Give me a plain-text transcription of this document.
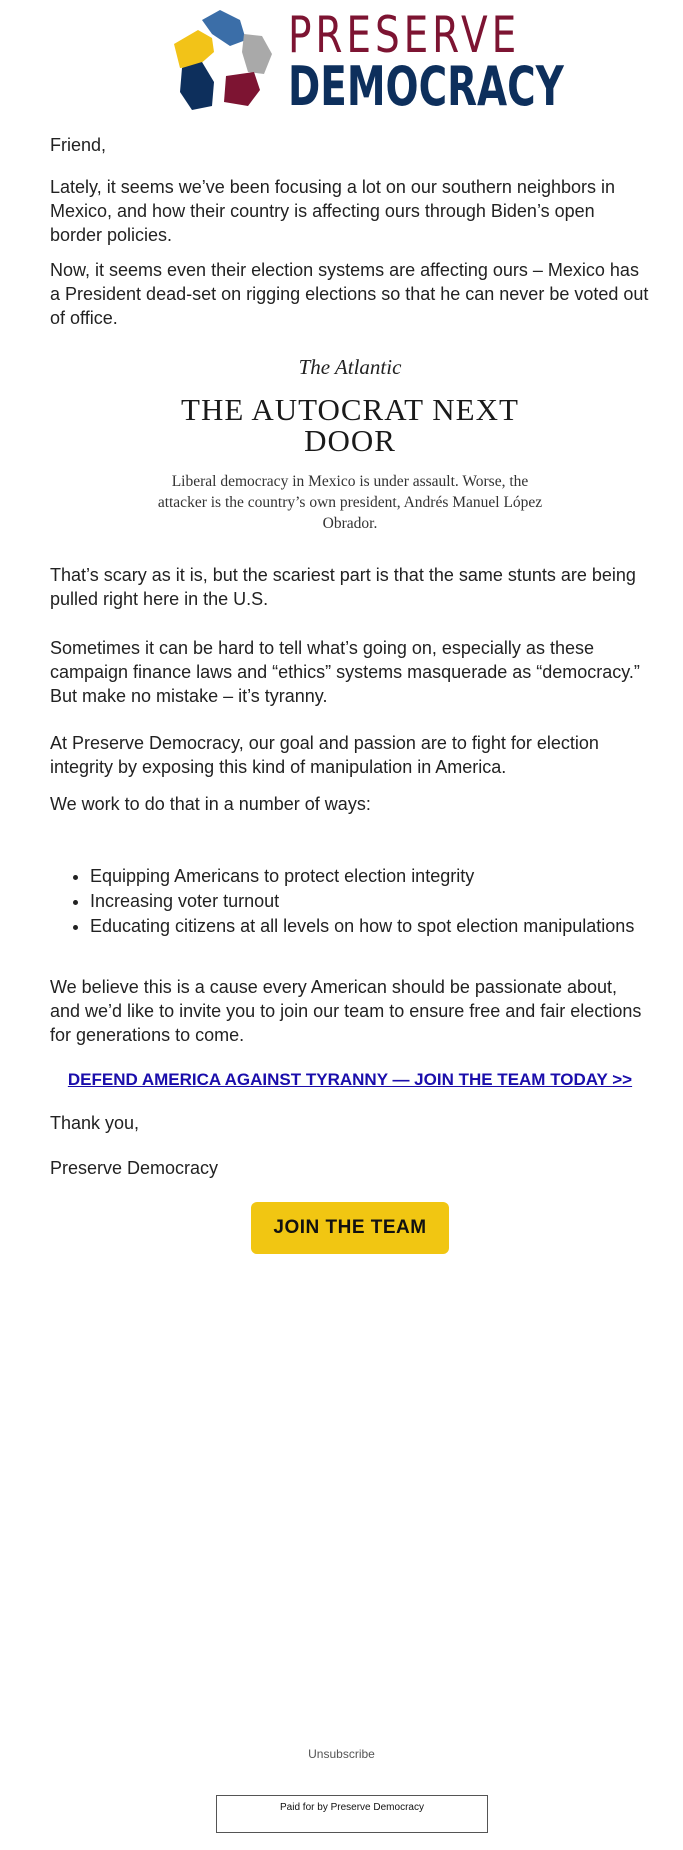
PRESERVE
DEMOCRACY

Friend,

Lately, it seems we’ve been focusing a lot on our southern neighbors in Mexico, and how their country is affecting ours through Biden’s open border policies.

Now, it seems even their election systems are affecting ours – Mexico has a President dead-set on rigging elections so that he can never be voted out of office.

The Atlantic
THE AUTOCRAT NEXT DOOR
Liberal democracy in Mexico is under assault. Worse, the attacker is the country’s own president, Andrés Manuel López Obrador.

That’s scary as it is, but the scariest part is that the same stunts are being pulled right here in the U.S.

Sometimes it can be hard to tell what’s going on, especially as these campaign finance laws and “ethics” systems masquerade as “democracy.” But make no mistake – it’s tyranny.

At Preserve Democracy, our goal and passion are to fight for election integrity by exposing this kind of manipulation in America.

We work to do that in a number of ways:

• Equipping Americans to protect election integrity
• Increasing voter turnout
• Educating citizens at all levels on how to spot election manipulations

We believe this is a cause every American should be passionate about, and we’d like to invite you to join our team to ensure free and fair elections for generations to come.

DEFEND AMERICA AGAINST TYRANNY — JOIN THE TEAM TODAY >>

Thank you,

Preserve Democracy

JOIN THE TEAM
Unsubscribe
Paid for by Preserve Democracy
